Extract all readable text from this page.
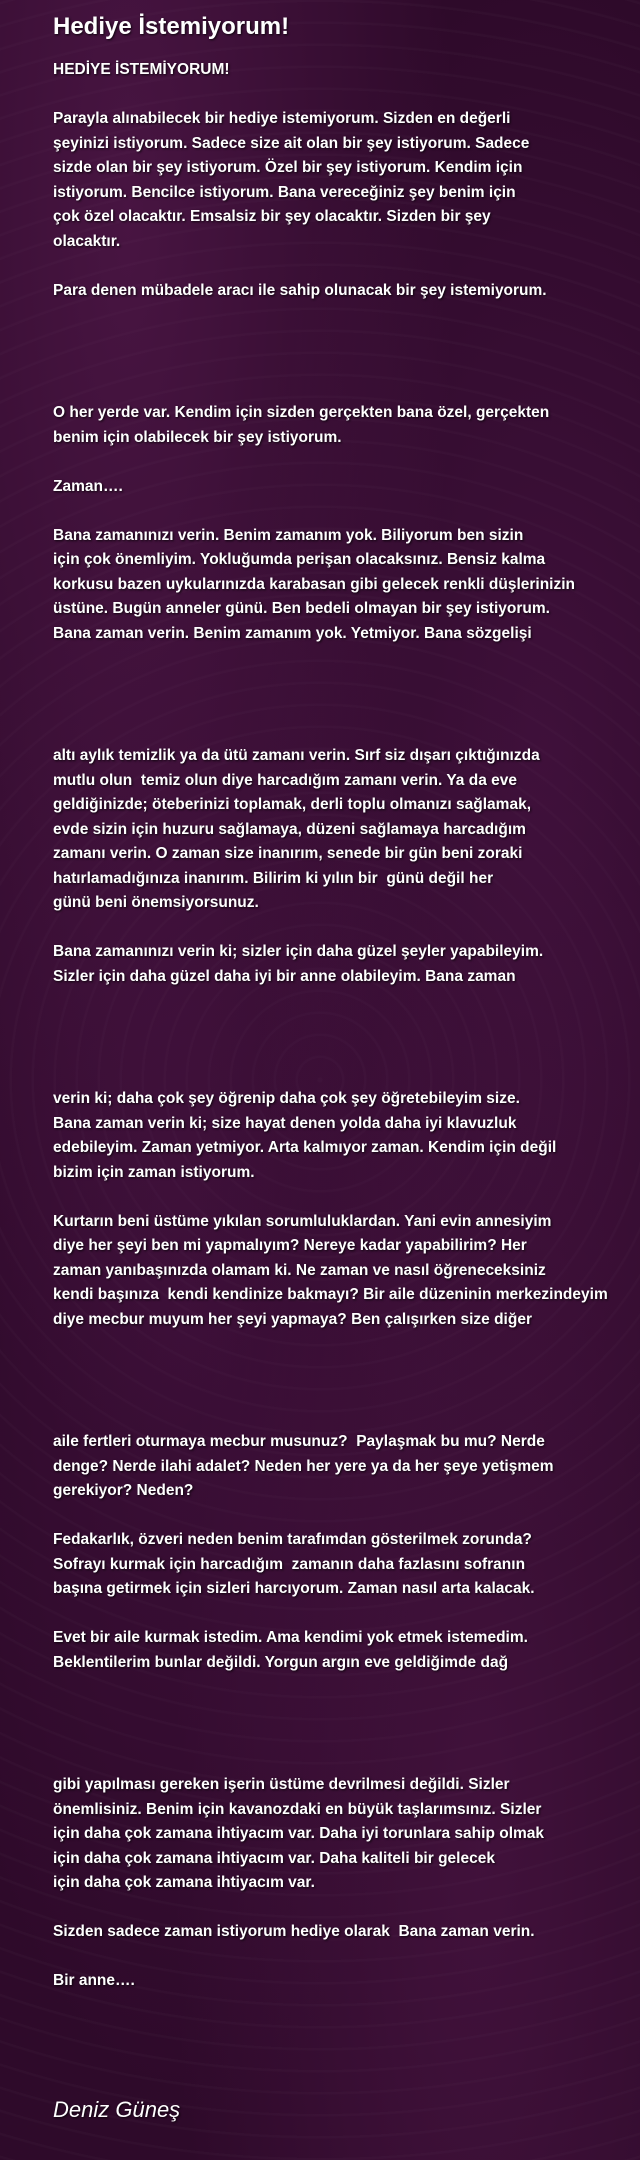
Hediye İstemiyorum!
HEDİYE İSTEMİYORUM!
Parayla alınabilecek bir hediye istemiyorum. Sizden en değerli
şeyinizi istiyorum. Sadece size ait olan bir şey istiyorum. Sadece
sizde olan bir şey istiyorum. Özel bir şey istiyorum. Kendim için
istiyorum. Bencilce istiyorum. Bana vereceğiniz şey benim için
çok özel olacaktır. Emsalsiz bir şey olacaktır. Sizden bir şey
olacaktır.
Para denen mübadele aracı ile sahip olunacak bir şey istemiyorum.
O her yerde var. Kendim için sizden gerçekten bana özel, gerçekten
benim için olabilecek bir şey istiyorum.
Zaman….
Bana zamanınızı verin. Benim zamanım yok. Biliyorum ben sizin
için çok önemliyim. Yokluğumda perişan olacaksınız. Bensiz kalma
korkusu bazen uykularınızda karabasan gibi gelecek renkli düşlerinizin
üstüne. Bugün anneler günü. Ben bedeli olmayan bir şey istiyorum.
Bana zaman verin. Benim zamanım yok. Yetmiyor. Bana sözgelişi
altı aylık temizlik ya da ütü zamanı verin. Sırf siz dışarı çıktığınızda
mutlu olun  temiz olun diye harcadığım zamanı verin. Ya da eve
geldiğinizde; öteberinizi toplamak, derli toplu olmanızı sağlamak,
evde sizin için huzuru sağlamaya, düzeni sağlamaya harcadığım
zamanı verin. O zaman size inanırım, senede bir gün beni zoraki
hatırlamadığınıza inanırım. Bilirim ki yılın bir  günü değil her
günü beni önemsiyorsunuz.
Bana zamanınızı verin ki; sizler için daha güzel şeyler yapabileyim.
Sizler için daha güzel daha iyi bir anne olabileyim. Bana zaman
verin ki; daha çok şey öğrenip daha çok şey öğretebileyim size.
Bana zaman verin ki; size hayat denen yolda daha iyi klavuzluk
edebileyim. Zaman yetmiyor. Arta kalmıyor zaman. Kendim için değil
bizim için zaman istiyorum.
Kurtarın beni üstüme yıkılan sorumluluklardan. Yani evin annesiyim
diye her şeyi ben mi yapmalıyım? Nereye kadar yapabilirim? Her
zaman yanıbaşınızda olamam ki. Ne zaman ve nasıl öğreneceksiniz
kendi başınıza  kendi kendinize bakmayı? Bir aile düzeninin merkezindeyim
diye mecbur muyum her şeyi yapmaya? Ben çalışırken size diğer
aile fertleri oturmaya mecbur musunuz?  Paylaşmak bu mu? Nerde
denge? Nerde ilahi adalet? Neden her yere ya da her şeye yetişmem
gerekiyor? Neden?
Fedakarlık, özveri neden benim tarafımdan gösterilmek zorunda?
Sofrayı kurmak için harcadığım  zamanın daha fazlasını sofranın
başına getirmek için sizleri harcıyorum. Zaman nasıl arta kalacak.
Evet bir aile kurmak istedim. Ama kendimi yok etmek istemedim.
Beklentilerim bunlar değildi. Yorgun argın eve geldiğimde dağ
gibi yapılması gereken işerin üstüme devrilmesi değildi. Sizler
önemlisiniz. Benim için kavanozdaki en büyük taşlarımsınız. Sizler
için daha çok zamana ihtiyacım var. Daha iyi torunlara sahip olmak
için daha çok zamana ihtiyacım var. Daha kaliteli bir gelecek
için daha çok zamana ihtiyacım var.
Sizden sadece zaman istiyorum hediye olarak  Bana zaman verin.
Bir anne….
Deniz Güneş
